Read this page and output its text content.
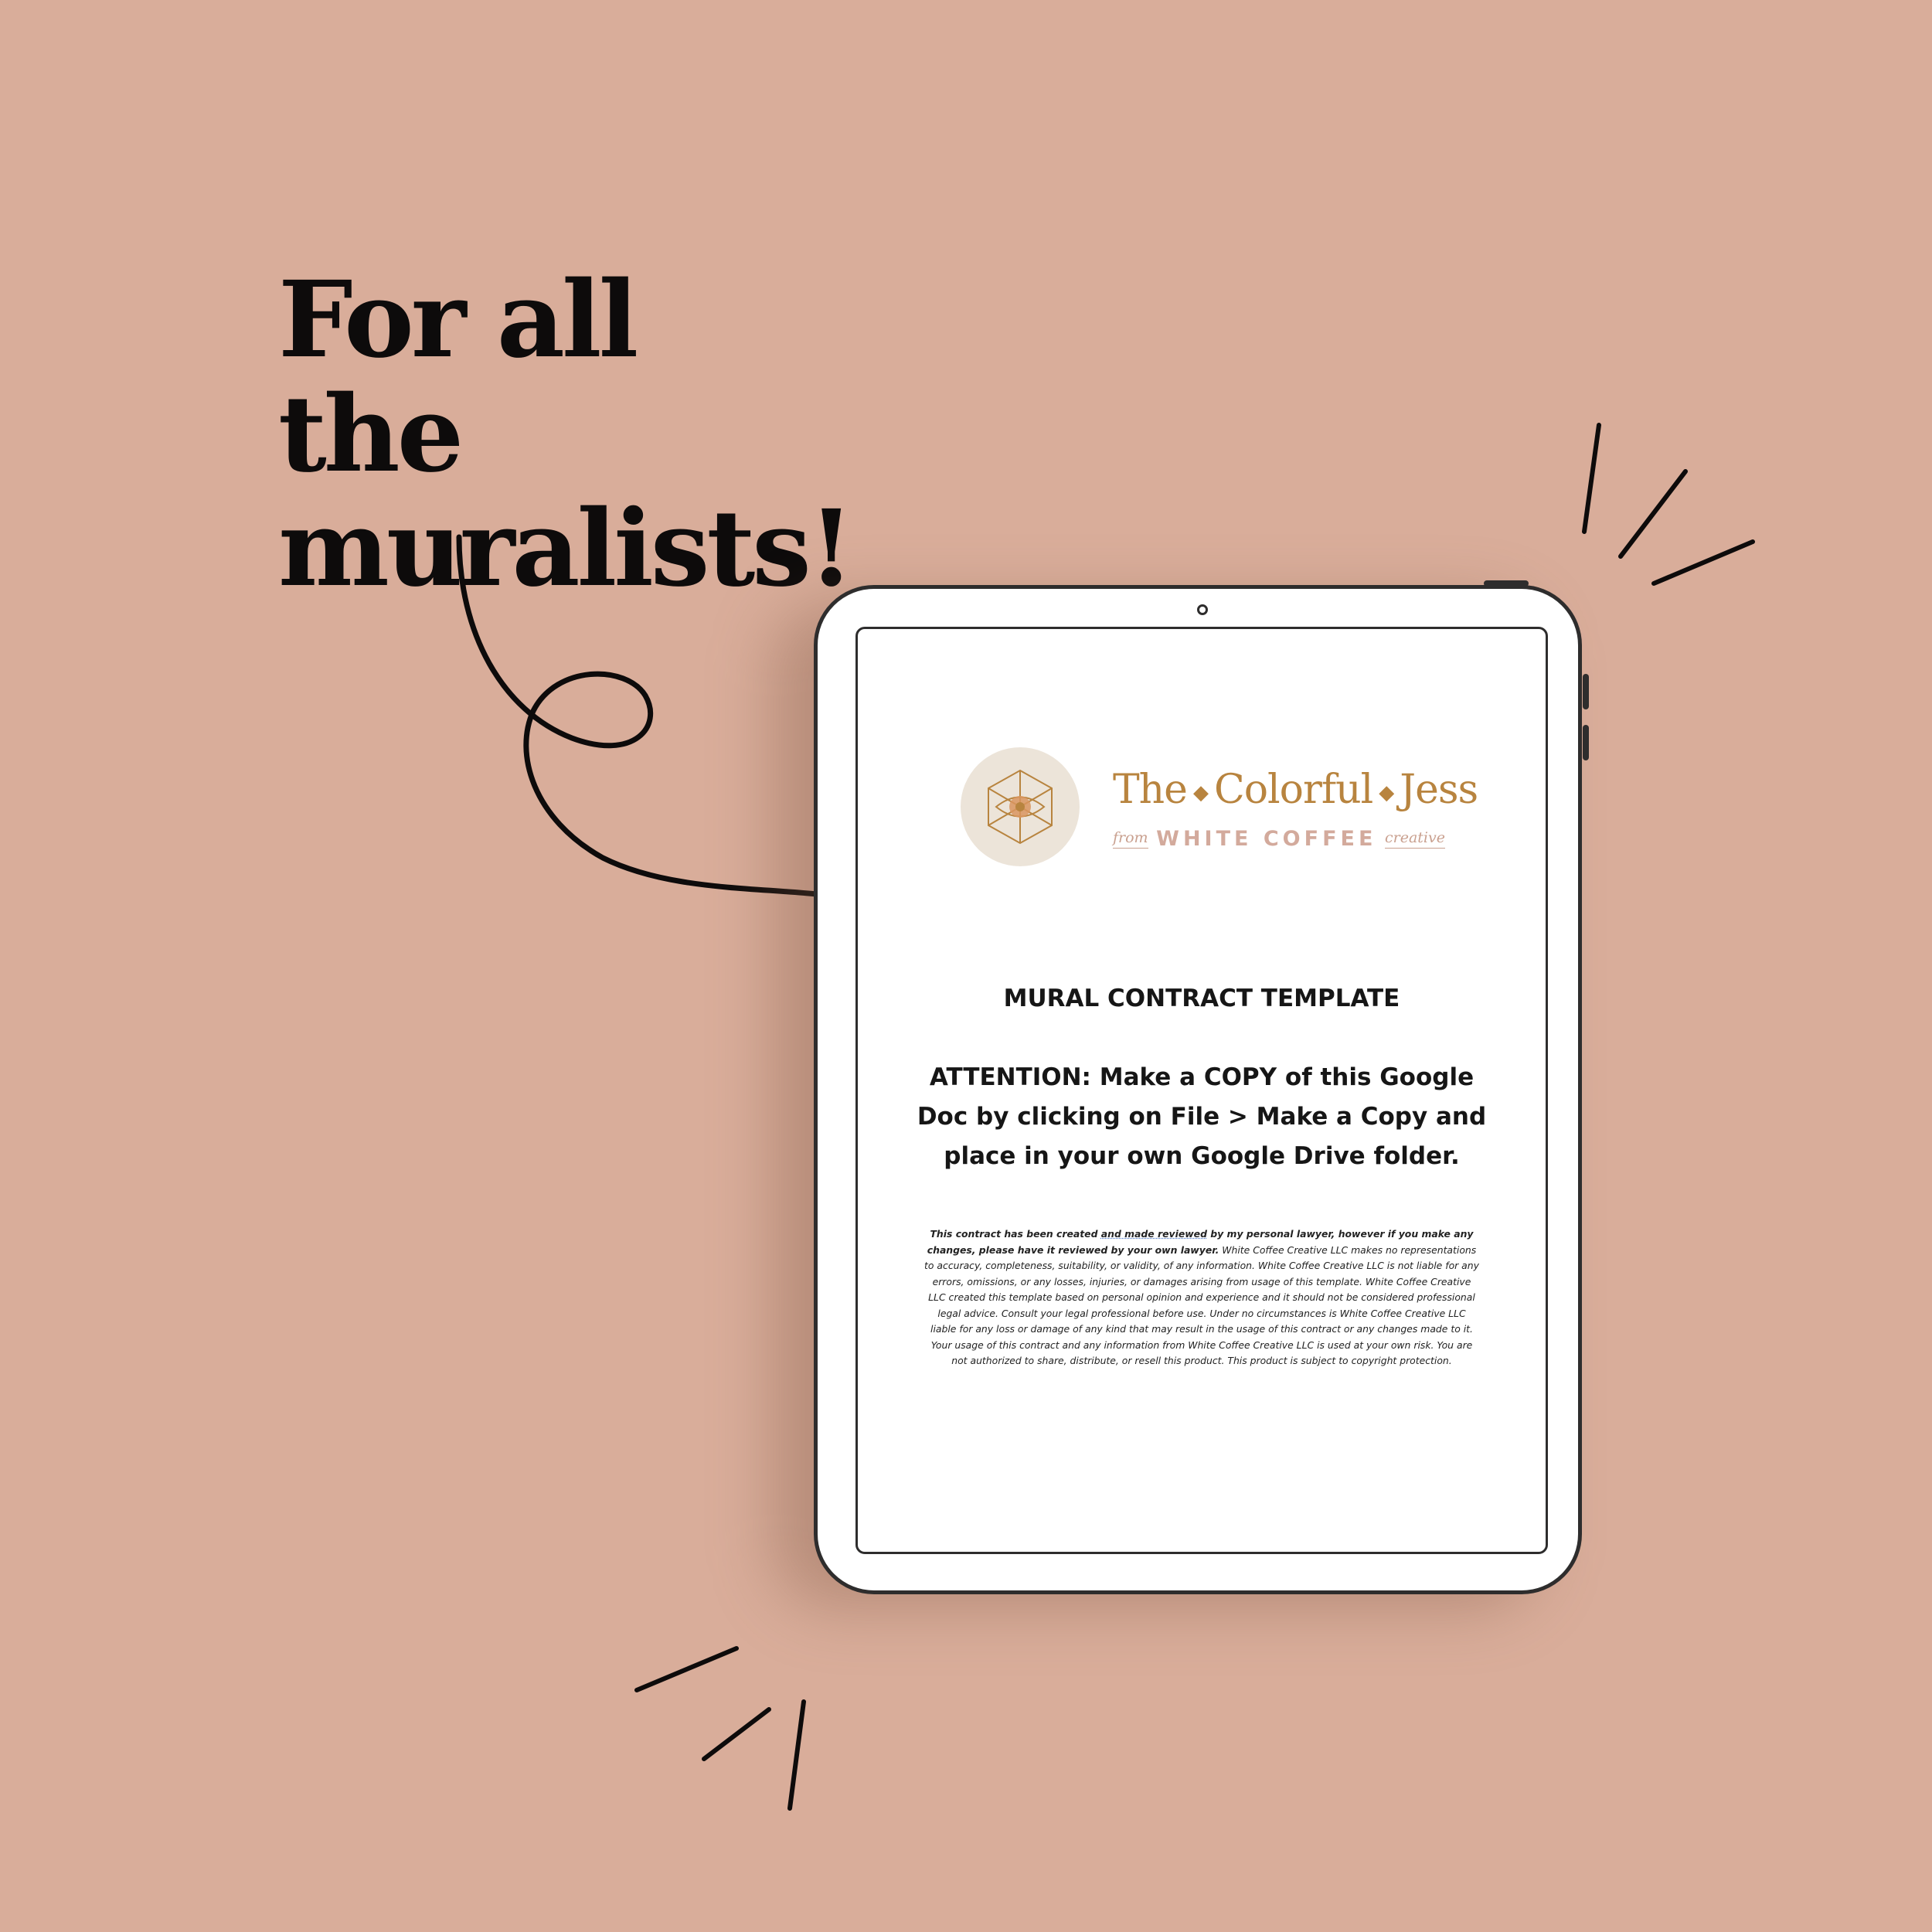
For all the
muralists!
The ◆ Colorful ◆ Jess
from WHITE COFFEE creative
MURAL CONTRACT TEMPLATE
ATTENTION: Make a COPY of this Google Doc by clicking on File > Make a Copy and place in your own Google Drive folder.
This contract has been created and made reviewed by my personal lawyer, however if you make any changes, please have it reviewed by your own lawyer. White Coffee Creative LLC makes no representations to accuracy, completeness, suitability, or validity, of any information. White Coffee Creative LLC is not liable for any errors, omissions, or any losses, injuries, or damages arising from usage of this template. White Coffee Creative LLC created this template based on personal opinion and experience and it should not be considered professional legal advice. Consult your legal professional before use. Under no circumstances is White Coffee Creative LLC liable for any loss or damage of any kind that may result in the usage of this contract or any changes made to it. Your usage of this contract and any information from White Coffee Creative LLC is used at your own risk. You are not authorized to share, distribute, or resell this product. This product is subject to copyright protection.
